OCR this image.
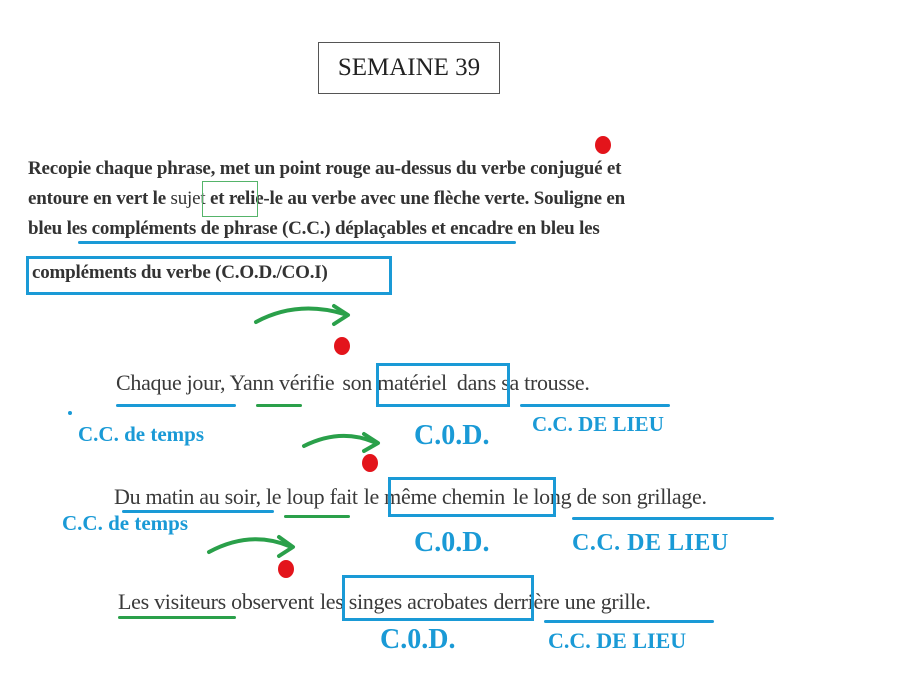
SEMAINE 39
Recopie chaque phrase, met un point rouge au-dessus du verbe conjugué et
entoure en vert le sujet et relie-le au verbe avec une flèche verte. Souligne en
bleu les compléments de phrase (C.C.) déplaçables et encadre en bleu les
compléments du verbe (C.O.D./CO.I)
Chaque jour, Yann vérifie son matériel dans sa trousse.
C.C. de temps	C.0.D. C.C. DE LIEU
Du matin au soir, le loup fait le même chemin le long de son grillage.
C.C. de temps
C.0.D.	C.C. DE LIEU
Les visiteurs observent les singes acrobates derrière une grille.
C.0.D.	C.C. DE LIEU
